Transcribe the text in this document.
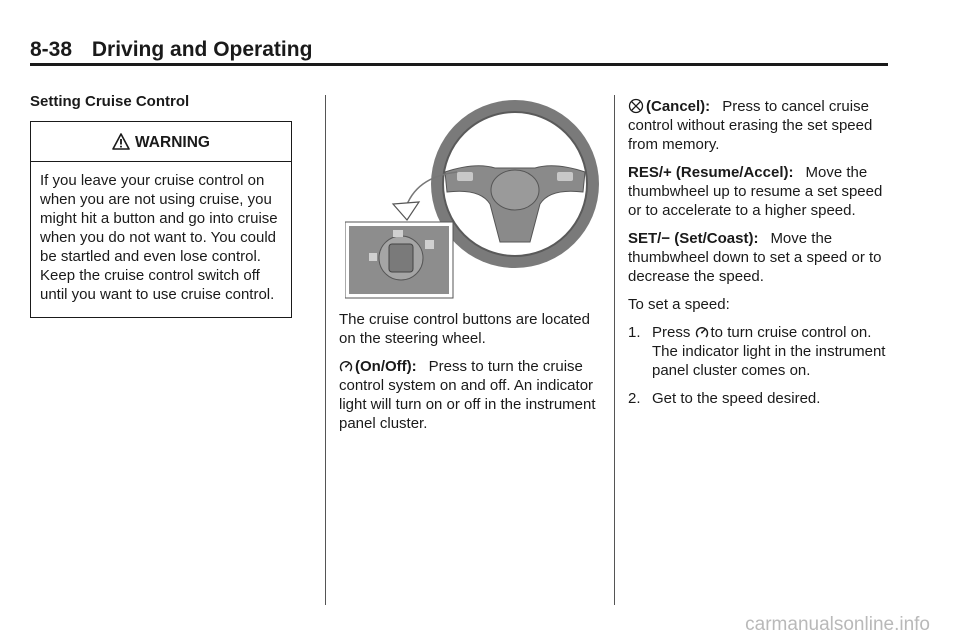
8-38 Driving and Operating
Setting Cruise Control
WARNING
If you leave your cruise control on when you are not using cruise, you might hit a button and go into cruise when you do not want to. You could be startled and even lose control. Keep the cruise control switch off until you want to use cruise control.

The cruise control buttons are located on the steering wheel.

(On/Off): Press to turn the cruise control system on and off. An indicator light will turn on or off in the instrument panel cluster.

(Cancel): Press to cancel cruise control without erasing the set speed from memory.

RES/+ (Resume/Accel): Move the thumbwheel up to resume a set speed or to accelerate to a higher speed.

SET/− (Set/Coast): Move the thumbwheel down to set a speed or to decrease the speed.

To set a speed:

1. Press to turn cruise control on. The indicator light in the instrument panel cluster comes on.
2. Get to the speed desired.
carmanualsonline.info
